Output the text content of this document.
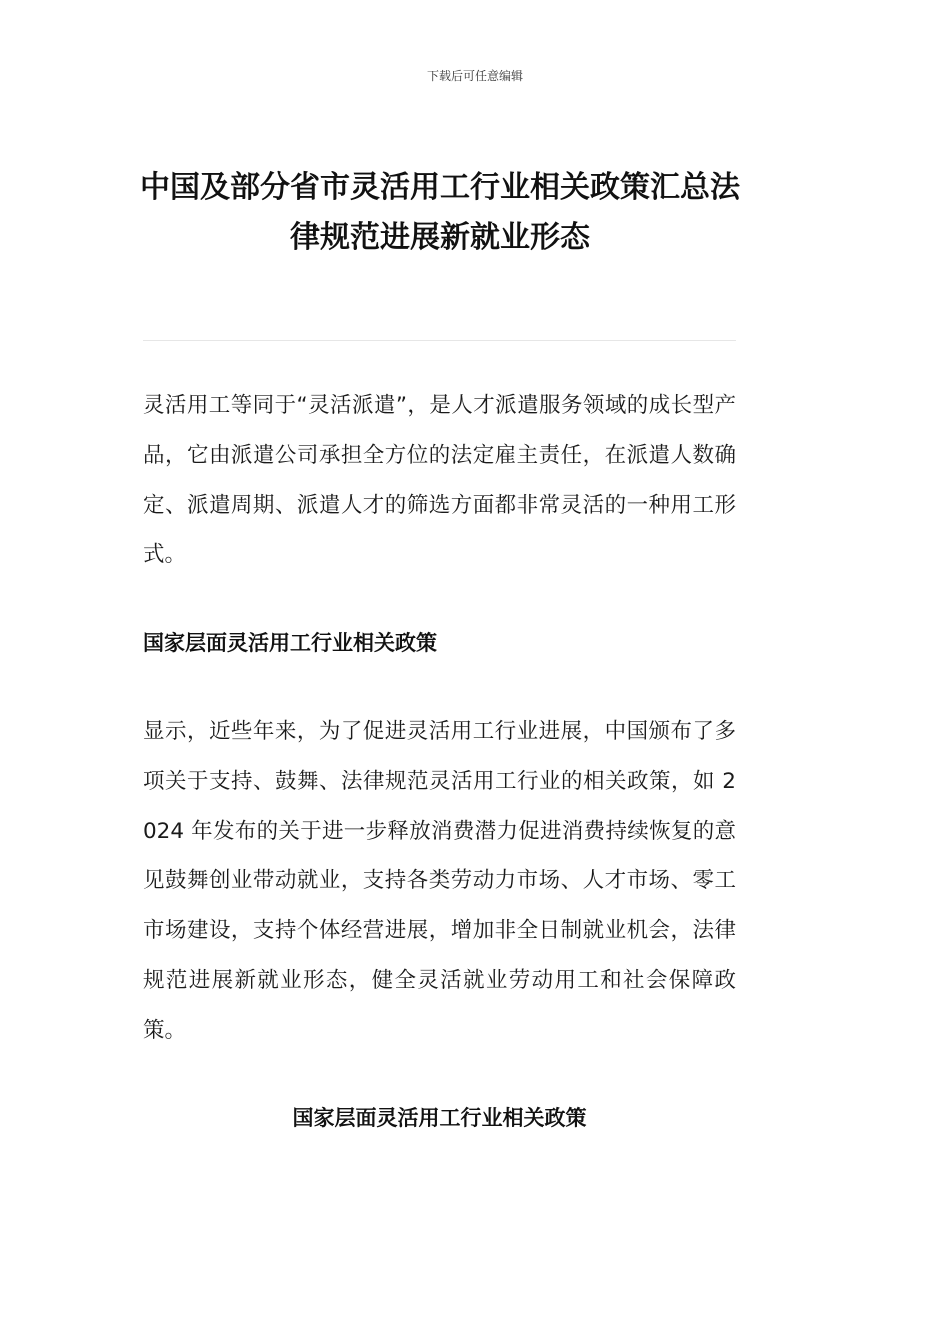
下载后可任意编辑
中国及部分省市灵活用工行业相关政策汇总法律规范进展新就业形态

灵活用工等同于“灵活派遣”，是人才派遣服务领域的成长型产品，它由派遣公司承担全方位的法定雇主责任，在派遣人数确定、派遣周期、派遣人才的筛选方面都非常灵活的一种用工形式。

国家层面灵活用工行业相关政策

显示，近些年来，为了促进灵活用工行业进展，中国颁布了多项关于支持、鼓舞、法律规范灵活用工行业的相关政策，如 2024 年发布的关于进一步释放消费潜力促进消费持续恢复的意见鼓舞创业带动就业，支持各类劳动力市场、人才市场、零工市场建设，支持个体经营进展，增加非全日制就业机会，法律规范进展新就业形态，健全灵活就业劳动用工和社会保障政策。

国家层面灵活用工行业相关政策
